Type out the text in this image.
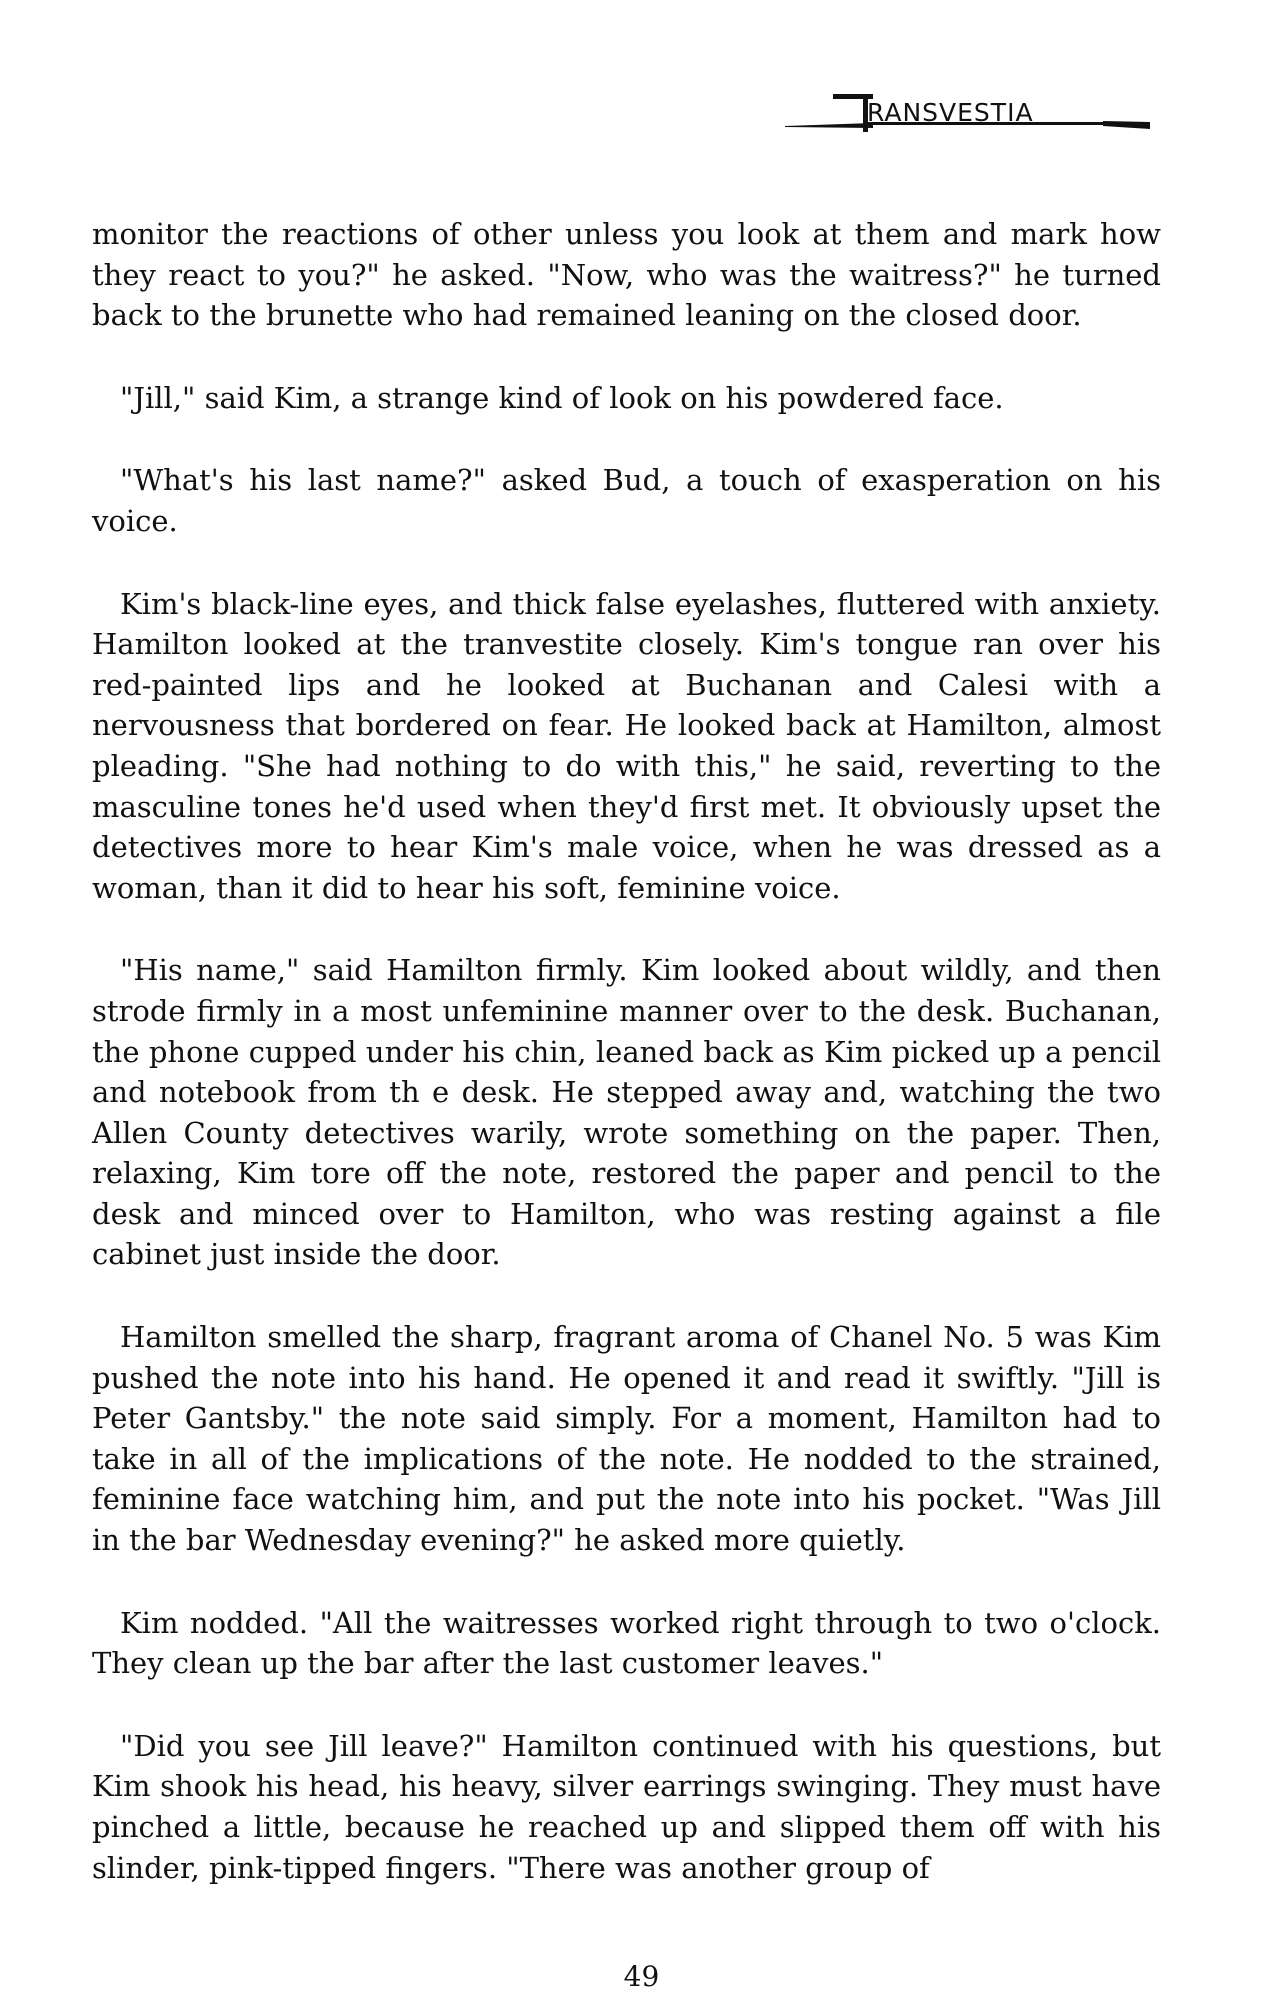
RANSVESTIA

monitor the reactions of other unless you look at them and mark how they react to you?" he asked. "Now, who was the waitress?" he turned back to the brunette who had remained leaning on the closed door.

"Jill," said Kim, a strange kind of look on his powdered face.

"What's his last name?" asked Bud, a touch of exasperation on his voice.

Kim's black-line eyes, and thick false eyelashes, fluttered with anxiety. Hamilton looked at the tranvestite closely. Kim's tongue ran over his red-painted lips and he looked at Buchanan and Calesi with a nervousness that bordered on fear. He looked back at Hamilton, almost pleading. "She had nothing to do with this," he said, reverting to the masculine tones he'd used when they'd first met. It obviously upset the detectives more to hear Kim's male voice, when he was dressed as a woman, than it did to hear his soft, feminine voice.

"His name," said Hamilton firmly. Kim looked about wildly, and then strode firmly in a most unfeminine manner over to the desk. Buchanan, the phone cupped under his chin, leaned back as Kim picked up a pencil and notebook from th e desk. He stepped away and, watching the two Allen County detectives warily, wrote something on the paper. Then, relaxing, Kim tore off the note, restored the paper and pencil to the desk and minced over to Hamilton, who was resting against a file cabinet just inside the door.

Hamilton smelled the sharp, fragrant aroma of Chanel No. 5 was Kim pushed the note into his hand. He opened it and read it swiftly. "Jill is Peter Gantsby." the note said simply. For a moment, Hamilton had to take in all of the implications of the note. He nodded to the strained, feminine face watching him, and put the note into his pocket. "Was Jill in the bar Wednesday evening?" he asked more quietly.

Kim nodded. "All the waitresses worked right through to two o'clock. They clean up the bar after the last customer leaves."

"Did you see Jill leave?" Hamilton continued with his questions, but Kim shook his head, his heavy, silver earrings swinging. They must have pinched a little, because he reached up and slipped them off with his slinder, pink-tipped fingers. "There was another group of

49
